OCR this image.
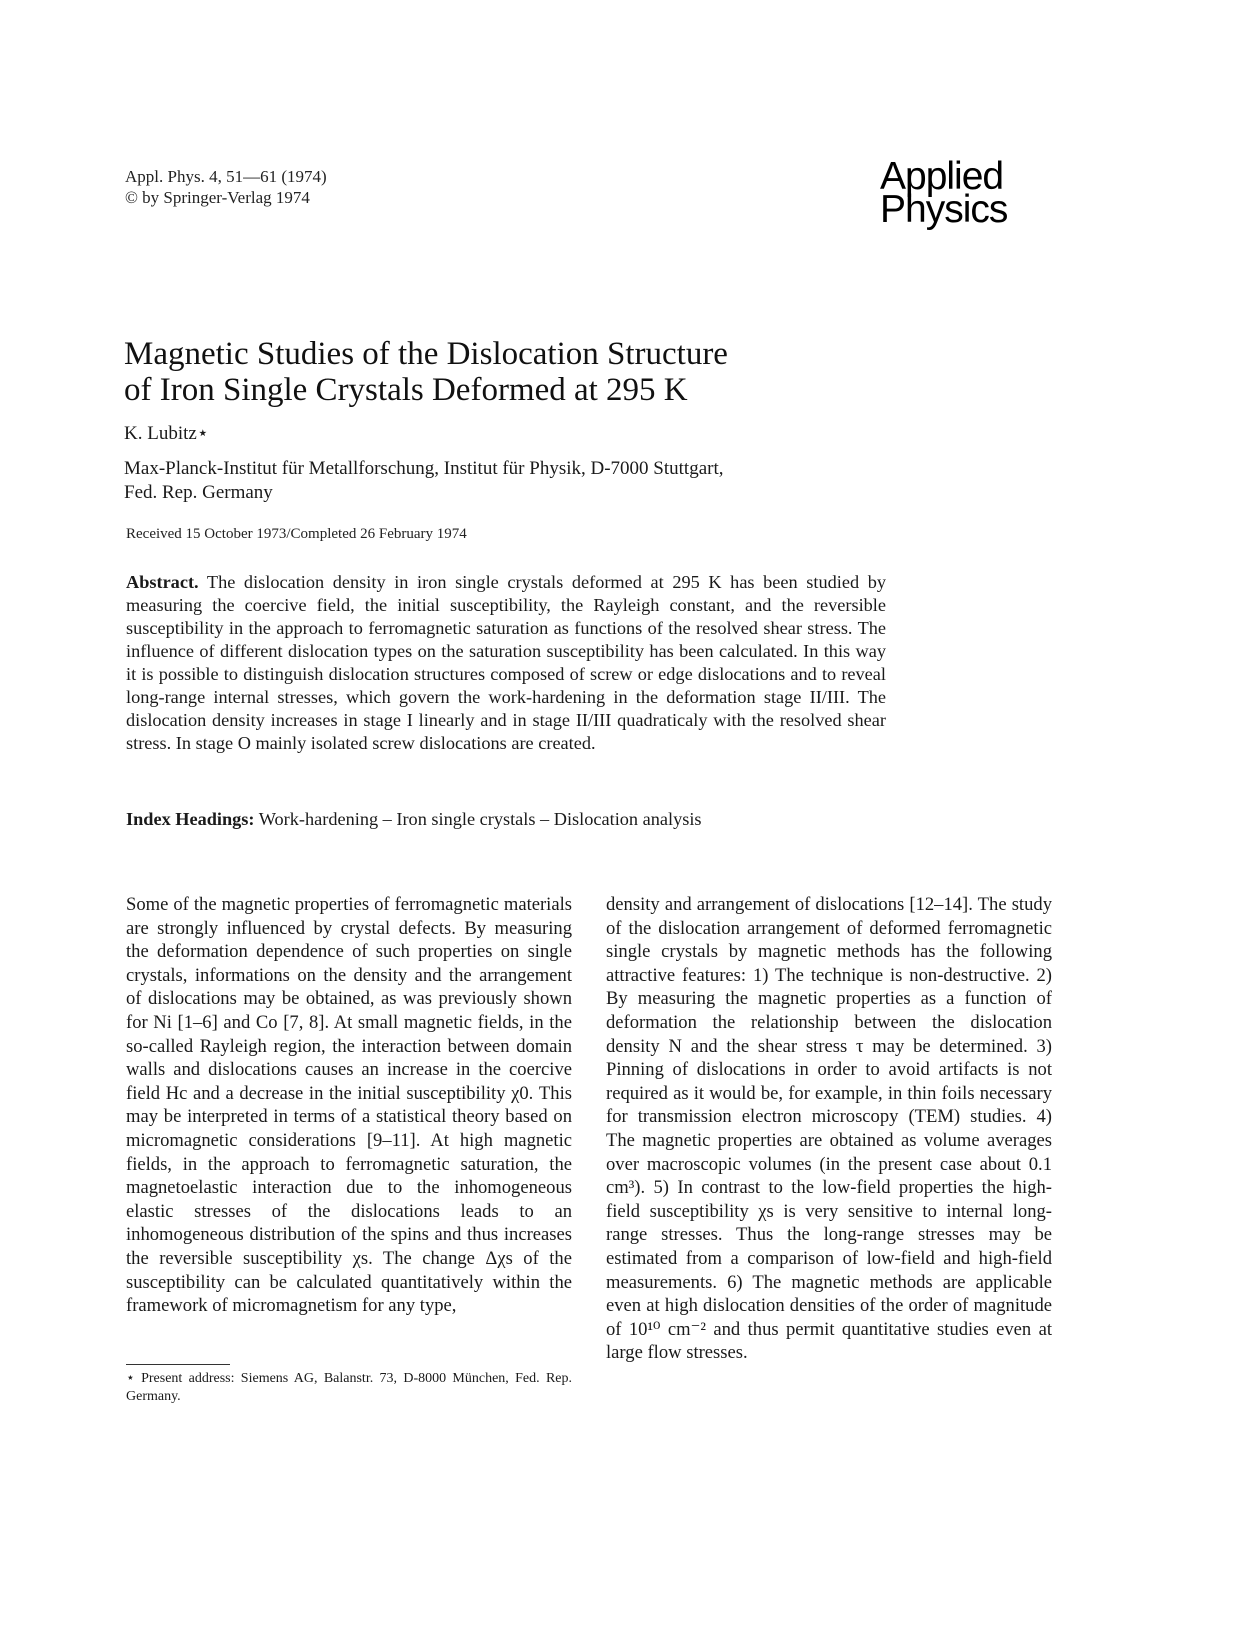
Appl. Phys. 4, 51—61 (1974)
© by Springer-Verlag 1974	Applied
Physics
Magnetic Studies of the Dislocation Structure
of Iron Single Crystals Deformed at 295 K
K. Lubitz⋆
Max-Planck-Institut für Metallforschung, Institut für Physik, D-7000 Stuttgart,
Fed. Rep. Germany
Received 15 October 1973/Completed 26 February 1974

Abstract. The dislocation density in iron single crystals deformed at 295 K has been studied by measuring the coercive field, the initial susceptibility, the Rayleigh constant, and the reversible susceptibility in the approach to ferromagnetic saturation as functions of the resolved shear stress. The influence of different dislocation types on the saturation susceptibility has been calculated. In this way it is possible to distinguish dislocation structures composed of screw or edge dislocations and to reveal long-range internal stresses, which govern the work-hardening in the deformation stage II/III. The dislocation density increases in stage I linearly and in stage II/III quadraticaly with the resolved shear stress. In stage O mainly isolated screw dislocations are created.

Index Headings: Work-hardening – Iron single crystals – Dislocation analysis

Some of the magnetic properties of ferromagnetic materials are strongly influenced by crystal defects. By measuring the deformation dependence of such properties on single crystals, informations on the density and the arrangement of dislocations may be obtained, as was previously shown for Ni [1–6] and Co [7, 8]. At small magnetic fields, in the so-called Rayleigh region, the interaction between domain walls and dislocations causes an increase in the coercive field Hc and a decrease in the initial susceptibility χ0. This may be interpreted in terms of a statistical theory based on micromagnetic considerations [9–11]. At high magnetic fields, in the approach to ferromagnetic saturation, the magnetoelastic interaction due to the inhomogeneous elastic stresses of the dislocations leads to an inhomogeneous distribution of the spins and thus increases the reversible susceptibility χs. The change Δχs of the susceptibility can be calculated quantitatively within the framework of micromagnetism for any type,

density and arrangement of dislocations [12–14]. The study of the dislocation arrangement of deformed ferromagnetic single crystals by magnetic methods has the following attractive features: 1) The technique is non-destructive. 2) By measuring the magnetic properties as a function of deformation the relationship between the dislocation density N and the shear stress τ may be determined. 3) Pinning of dislocations in order to avoid artifacts is not required as it would be, for example, in thin foils necessary for transmission electron microscopy (TEM) studies. 4) The magnetic properties are obtained as volume averages over macroscopic volumes (in the present case about 0.1 cm³). 5) In contrast to the low-field properties the high-field susceptibility χs is very sensitive to internal long-range stresses. Thus the long-range stresses may be estimated from a comparison of low-field and high-field measurements. 6) The magnetic methods are applicable even at high dislocation densities of the order of magnitude of 10¹⁰ cm⁻² and thus permit quantitative studies even at large flow stresses.

⋆ Present address: Siemens AG, Balanstr. 73, D-8000 München, Fed. Rep. Germany.
